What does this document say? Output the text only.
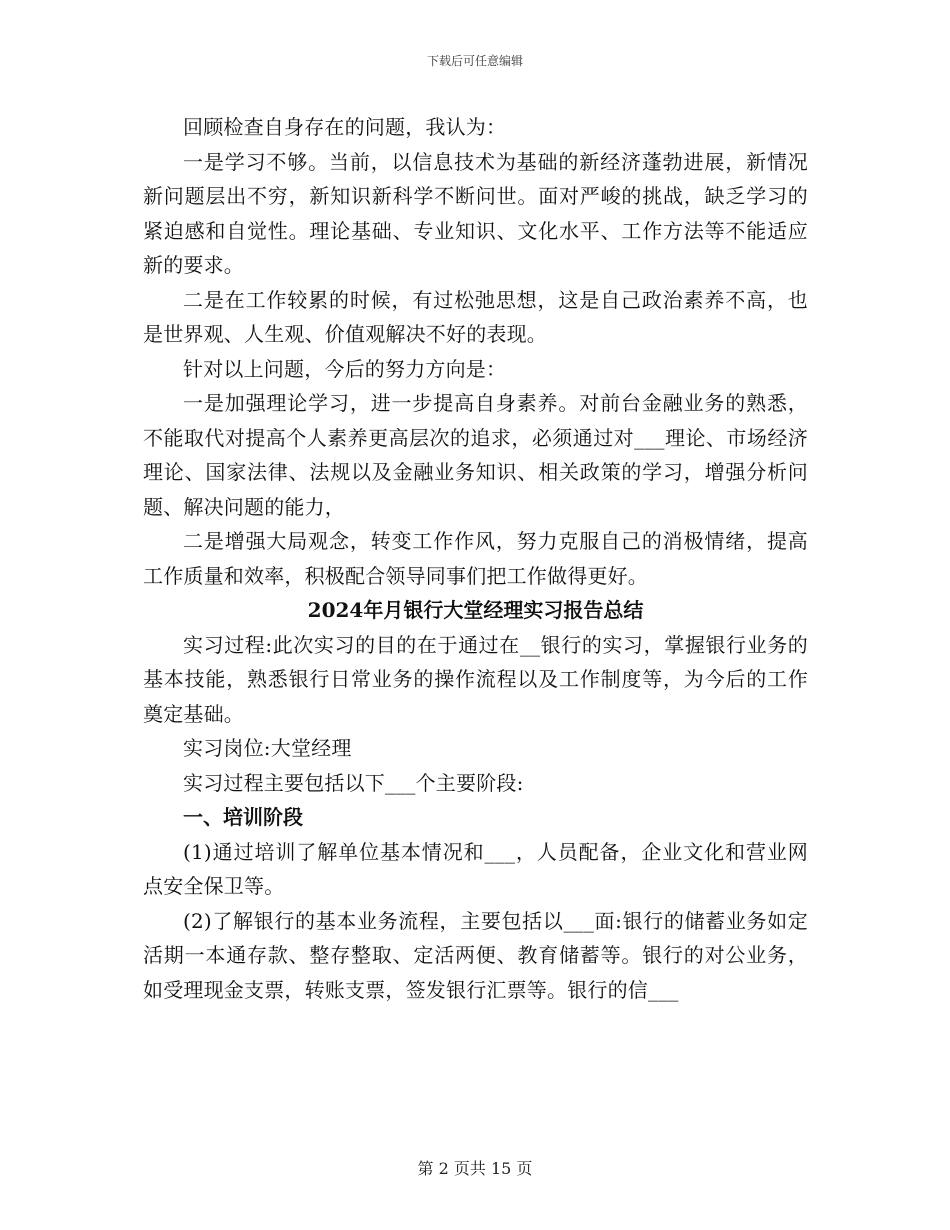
下载后可任意编辑

回顾检查自身存在的问题，我认为：

一是学习不够。当前，以信息技术为基础的新经济蓬勃进展，新情况新问题层出不穷，新知识新科学不断问世。面对严峻的挑战，缺乏学习的紧迫感和自觉性。理论基础、专业知识、文化水平、工作方法等不能适应新的要求。

二是在工作较累的时候，有过松弛思想，这是自己政治素养不高，也是世界观、人生观、价值观解决不好的表现。

针对以上问题，今后的努力方向是：

一是加强理论学习，进一步提高自身素养。对前台金融业务的熟悉，不能取代对提高个人素养更高层次的追求，必须通过对___理论、市场经济理论、国家法律、法规以及金融业务知识、相关政策的学习，增强分析问题、解决问题的能力，

二是增强大局观念，转变工作作风，努力克服自己的消极情绪，提高工作质量和效率，积极配合领导同事们把工作做得更好。

2024年月银行大堂经理实习报告总结

实习过程:此次实习的目的在于通过在__银行的实习，掌握银行业务的基本技能，熟悉银行日常业务的操作流程以及工作制度等，为今后的工作奠定基础。

实习岗位:大堂经理

实习过程主要包括以下___个主要阶段:

一、培训阶段

(1)通过培训了解单位基本情况和___，人员配备，企业文化和营业网点安全保卫等。

(2)了解银行的基本业务流程，主要包括以___面:银行的储蓄业务如定活期一本通存款、整存整取、定活两便、教育储蓄等。银行的对公业务，如受理现金支票，转账支票，签发银行汇票等。银行的信___

第 2 页共 15 页
